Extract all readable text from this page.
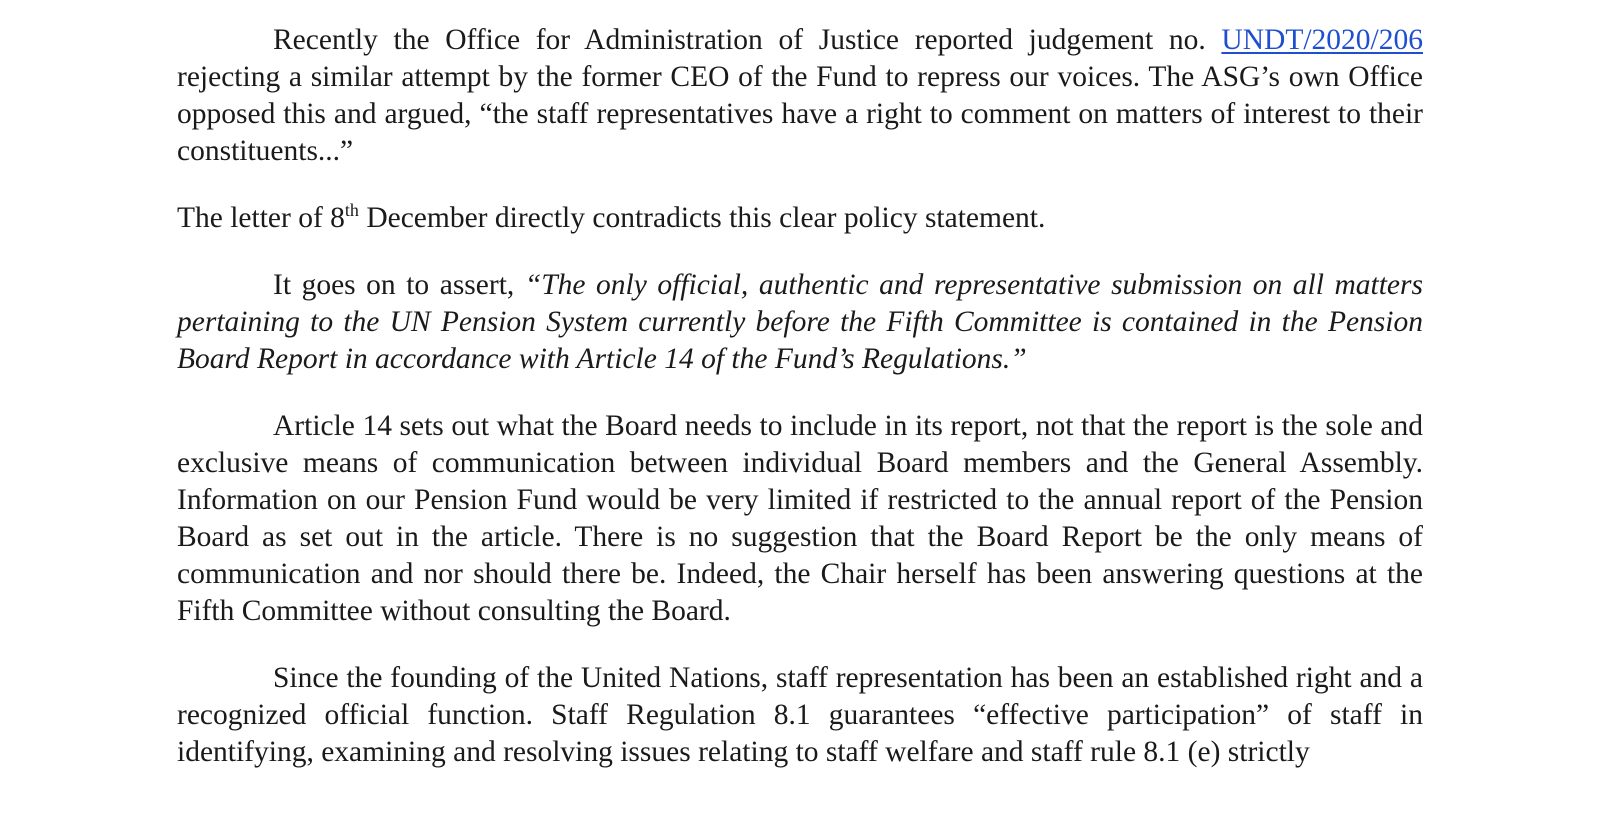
Recently the Office for Administration of Justice reported judgement no. UNDT/2020/206 rejecting a similar attempt by the former CEO of the Fund to repress our voices. The ASG’s own Office opposed this and argued, “the staff representatives have a right to comment on matters of interest to their constituents...”

The letter of 8th December directly contradicts this clear policy statement.

It goes on to assert, “The only official, authentic and representative submission on all matters pertaining to the UN Pension System currently before the Fifth Committee is contained in the Pension Board Report in accordance with Article 14 of the Fund’s Regulations.”

Article 14 sets out what the Board needs to include in its report, not that the report is the sole and exclusive means of communication between individual Board members and the General Assembly. Information on our Pension Fund would be very limited if restricted to the annual report of the Pension Board as set out in the article. There is no suggestion that the Board Report be the only means of communication and nor should there be. Indeed, the Chair herself has been answering questions at the Fifth Committee without consulting the Board.

Since the founding of the United Nations, staff representation has been an established right and a recognized official function. Staff Regulation 8.1 guarantees “effective participation” of staff in identifying, examining and resolving issues relating to staff welfare and staff rule 8.1 (e) strictly
